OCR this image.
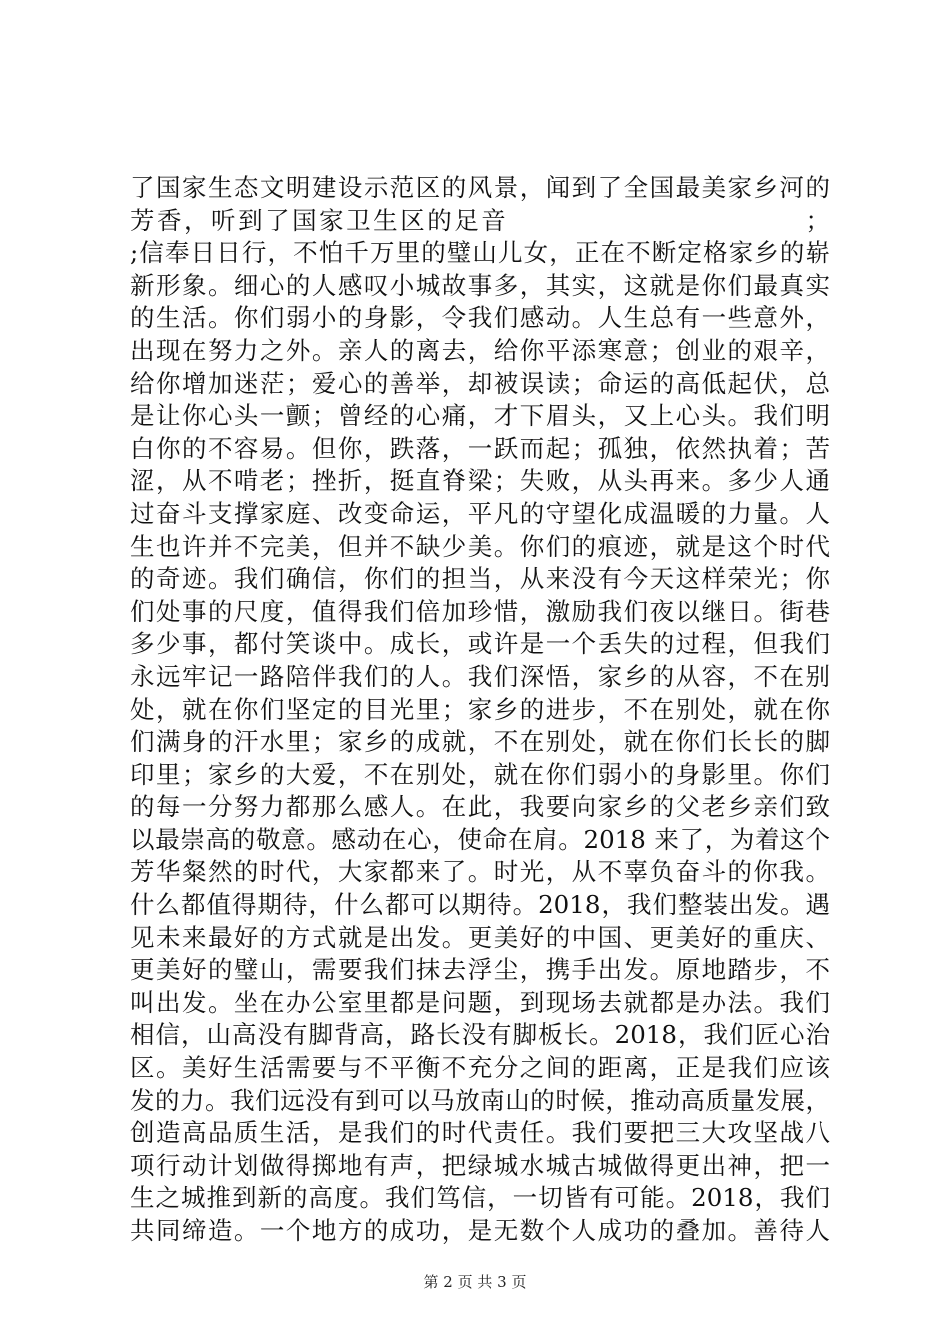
了国家生态文明建设示范区的风景，闻到了全国最美家乡河的
芳香，听到了国家卫生区的足音　　　　　　　　　　　；
;信奉日日行，不怕千万里的璧山儿女，正在不断定格家乡的崭
新形象。细心的人感叹小城故事多，其实，这就是你们最真实
的生活。你们弱小的身影，令我们感动。人生总有一些意外，
出现在努力之外。亲人的离去，给你平添寒意；创业的艰辛，
给你增加迷茫；爱心的善举，却被误读；命运的高低起伏，总
是让你心头一颤；曾经的心痛，才下眉头，又上心头。我们明
白你的不容易。但你，跌落，一跃而起；孤独，依然执着；苦
涩，从不啃老；挫折，挺直脊梁；失败，从头再来。多少人通
过奋斗支撑家庭、改变命运，平凡的守望化成温暖的力量。人
生也许并不完美，但并不缺少美。你们的痕迹，就是这个时代
的奇迹。我们确信，你们的担当，从来没有今天这样荣光；你
们处事的尺度，值得我们倍加珍惜，激励我们夜以继日。街巷
多少事，都付笑谈中。成长，或许是一个丢失的过程，但我们
永远牢记一路陪伴我们的人。我们深悟，家乡的从容，不在别
处，就在你们坚定的目光里；家乡的进步，不在别处，就在你
们满身的汗水里；家乡的成就，不在别处，就在你们长长的脚
印里；家乡的大爱，不在别处，就在你们弱小的身影里。你们
的每一分努力都那么感人。在此，我要向家乡的父老乡亲们致
以最崇高的敬意。感动在心，使命在肩。2018 来了，为着这个
芳华粲然的时代，大家都来了。时光，从不辜负奋斗的你我。
什么都值得期待，什么都可以期待。2018，我们整装出发。遇
见未来最好的方式就是出发。更美好的中国、更美好的重庆、
更美好的璧山，需要我们抹去浮尘，携手出发。原地踏步，不
叫出发。坐在办公室里都是问题，到现场去就都是办法。我们
相信，山高没有脚背高，路长没有脚板长。2018，我们匠心治
区。美好生活需要与不平衡不充分之间的距离，正是我们应该
发的力。我们远没有到可以马放南山的时候，推动高质量发展，
创造高品质生活，是我们的时代责任。我们要把三大攻坚战八
项行动计划做得掷地有声，把绿城水城古城做得更出神，把一
生之城推到新的高度。我们笃信，一切皆有可能。2018，我们
共同缔造。一个地方的成功，是无数个人成功的叠加。善待人
第 2 页 共 3 页
